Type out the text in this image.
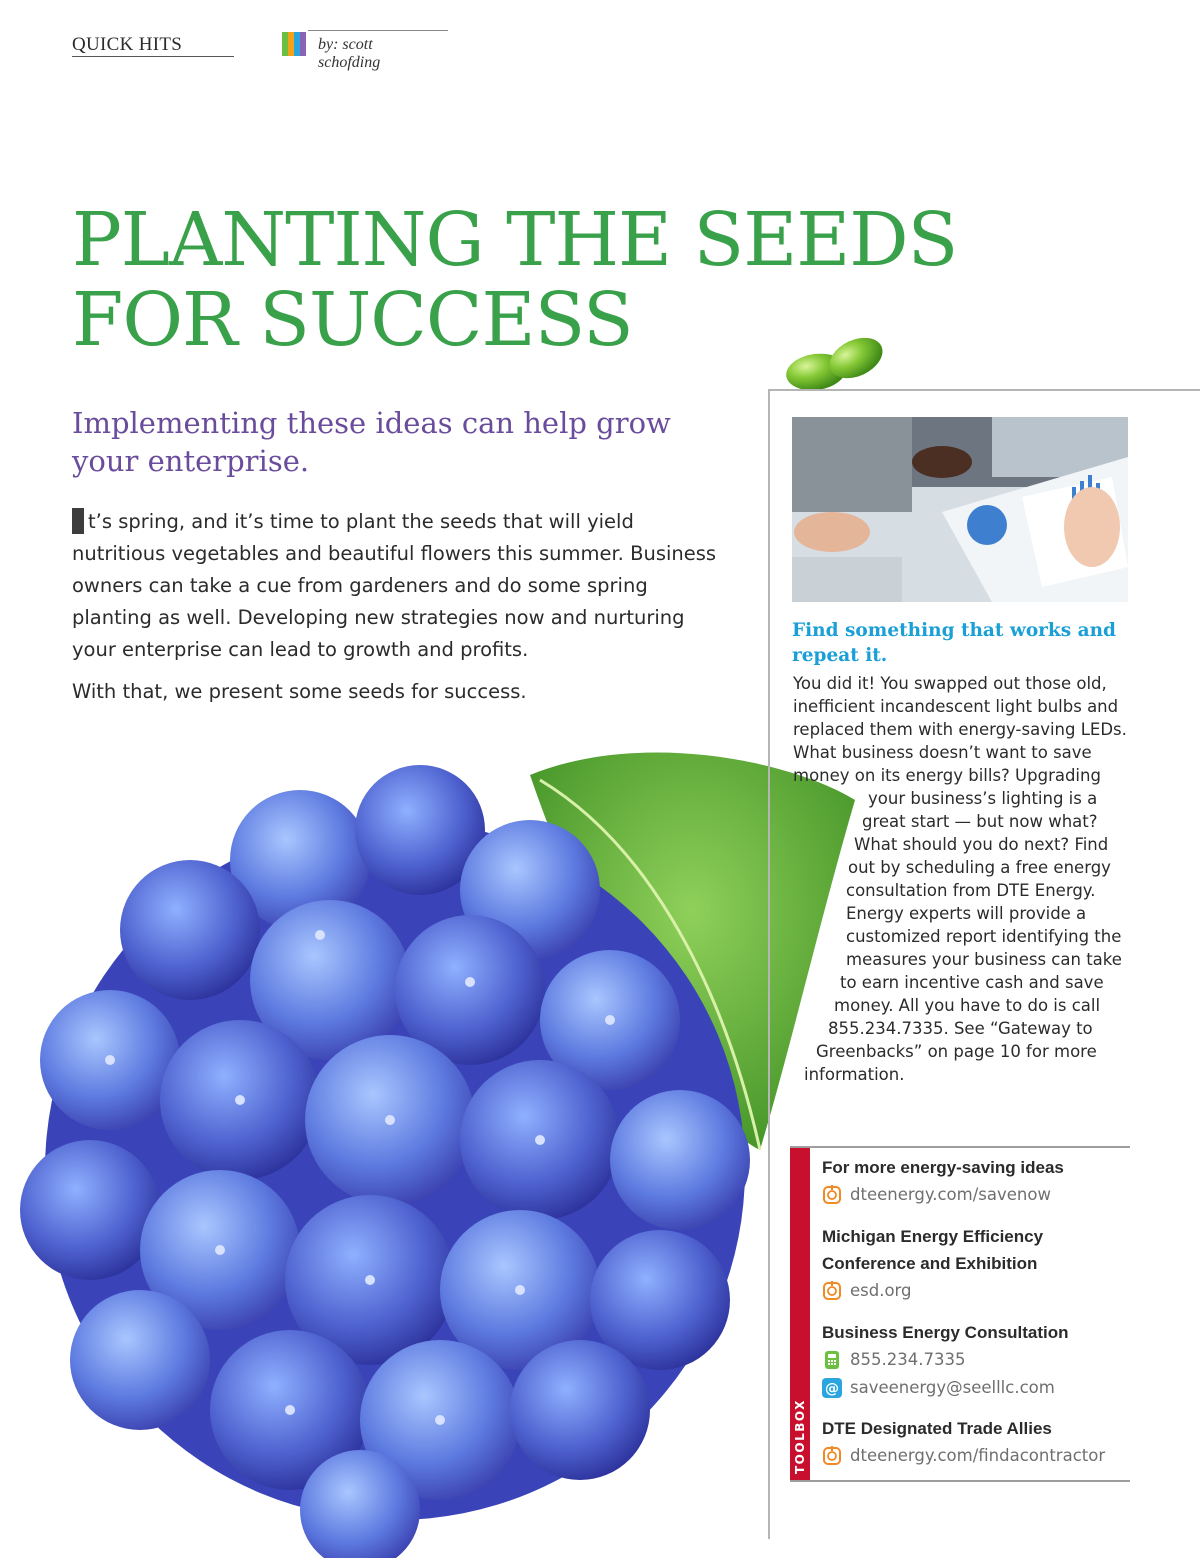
QUICK HITS	by: scott schofding
PLANTING THE SEEDS
FOR SUCCESS
Implementing these ideas can help grow your enterprise.

t’s spring, and it’s time to plant the seeds that will yield nutritious vegetables and beautiful flowers this summer. Business owners can take a cue from gardeners and do some spring planting as well. Developing new strategies now and nurturing your enterprise can lead to growth and profits.

With that, we present some seeds for success.

Find something that works and repeat it.
You did it! You swapped out those old, inefficient incandescent light bulbs and replaced them with energy-saving LEDs. What business doesn’t want to save money on its energy bills? Upgrading your business’s lighting is a great start — but now what? What should you do next? Find out by scheduling a free energy consultation from DTE Energy. Energy experts will provide a customized report identifying the measures your business can take to earn incentive cash and save money. All you have to do is call 855.234.7335. See “Gateway to Greenbacks” on page 10 for more information.
TOOLBOX
For more energy-saving ideas
dteenergy.com/savenow
Michigan Energy Efficiency Conference and Exhibition
esd.org
Business Energy Consultation
855.234.7335
@ saveenergy@seelllc.com
DTE Designated Trade Allies
dteenergy.com/findacontractor
